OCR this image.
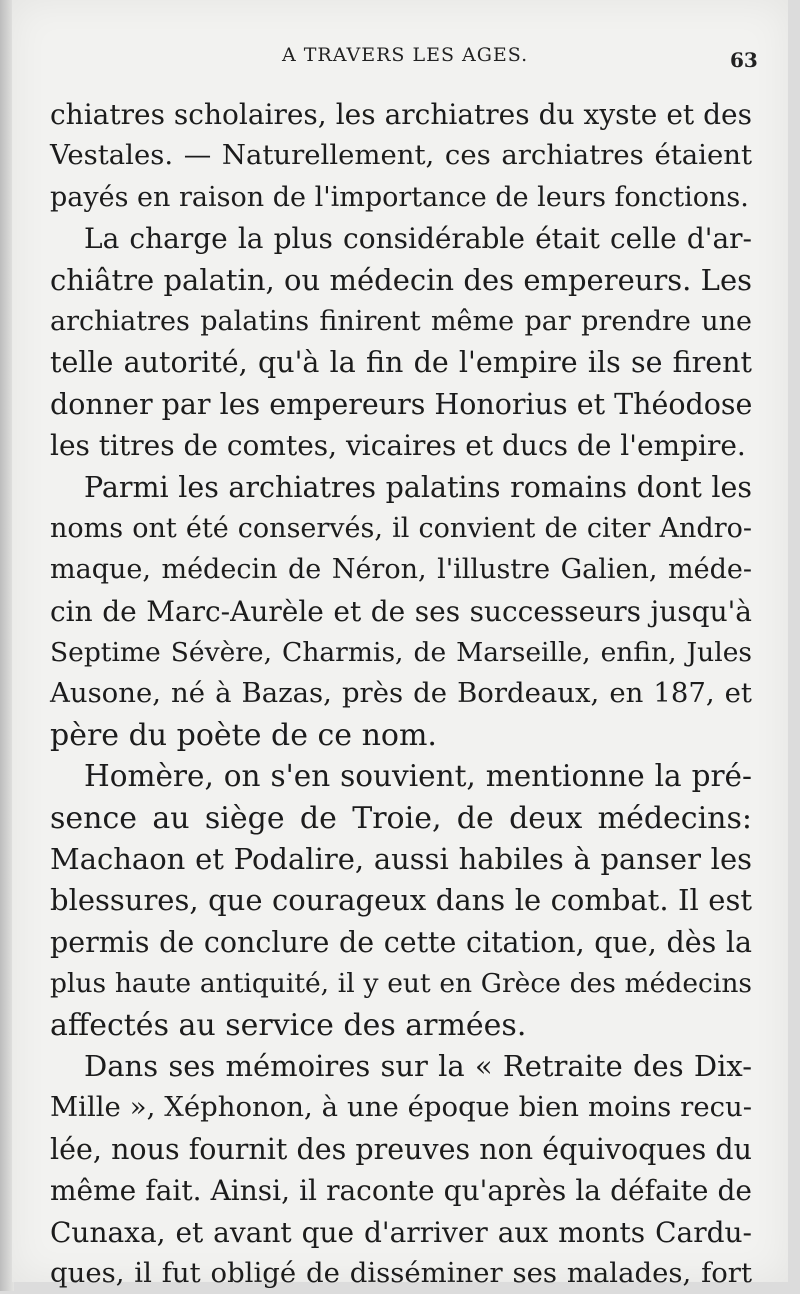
A TRAVERS LES AGES.	63
chiatres scholaires, les archiatres du xyste et des
Vestales. — Naturellement, ces archiatres étaient
payés en raison de l'importance de leurs fonctions.
La charge la plus considérable était celle d'ar-
chiâtre palatin, ou médecin des empereurs. Les
archiatres palatins finirent même par prendre une
telle autorité, qu'à la fin de l'empire ils se firent
donner par les empereurs Honorius et Théodose
les titres de comtes, vicaires et ducs de l'empire.
Parmi les archiatres palatins romains dont les
noms ont été conservés, il convient de citer Andro-
maque, médecin de Néron, l'illustre Galien, méde-
cin de Marc-Aurèle et de ses successeurs jusqu'à
Septime Sévère, Charmis, de Marseille, enfin, Jules
Ausone, né à Bazas, près de Bordeaux, en 187, et
père du poète de ce nom.
Homère, on s'en souvient, mentionne la pré-
sence au siège de Troie, de deux médecins:
Machaon et Podalire, aussi habiles à panser les
blessures, que courageux dans le combat. Il est
permis de conclure de cette citation, que, dès la
plus haute antiquité, il y eut en Grèce des médecins
affectés au service des armées.
Dans ses mémoires sur la « Retraite des Dix-
Mille », Xéphonon, à une époque bien moins recu-
lée, nous fournit des preuves non équivoques du
même fait. Ainsi, il raconte qu'après la défaite de
Cunaxa, et avant que d'arriver aux monts Cardu-
ques, il fut obligé de disséminer ses malades, fort
